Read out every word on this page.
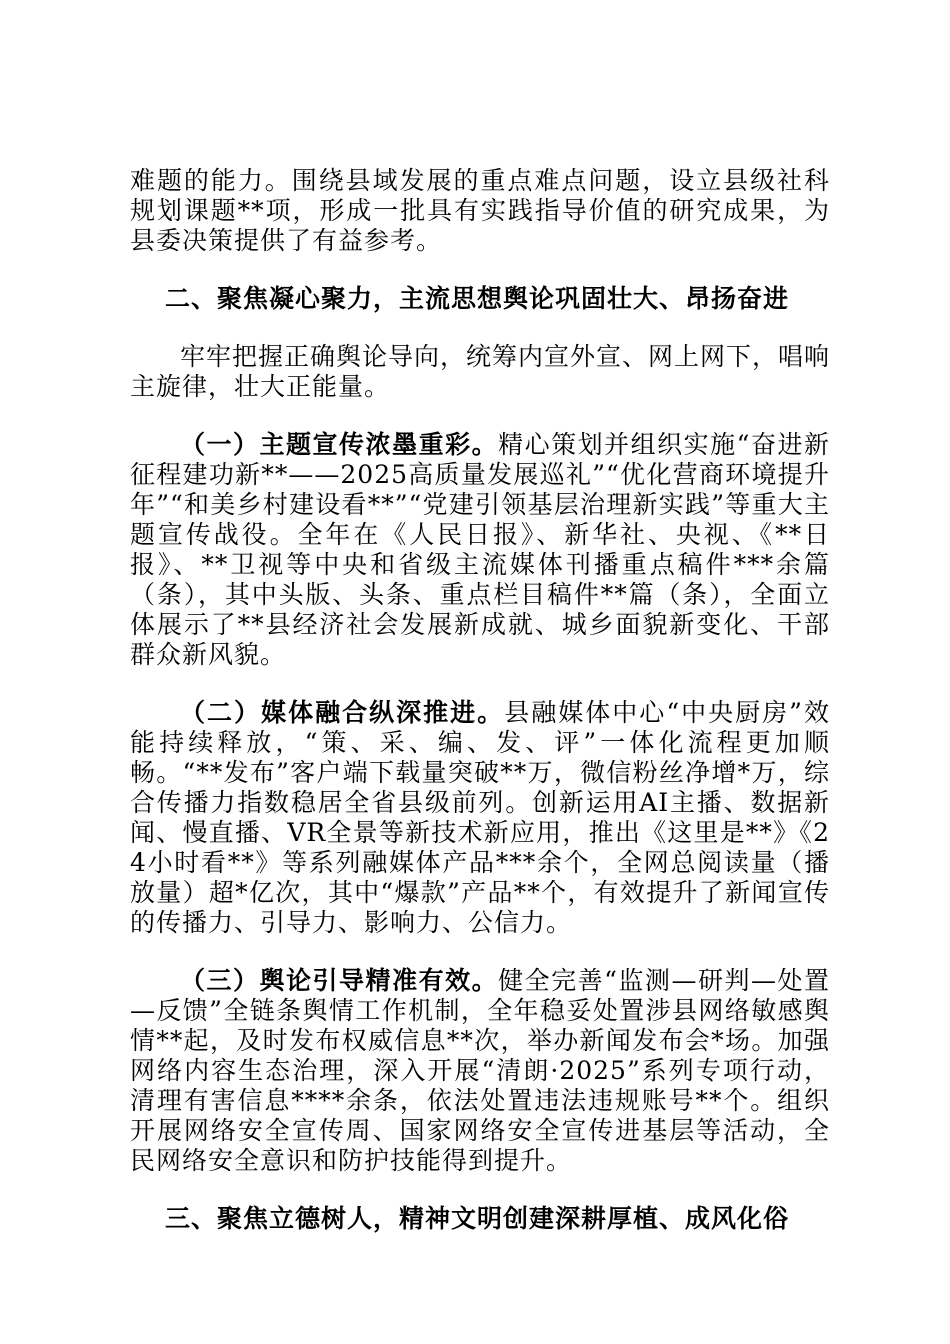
难题的能力。围绕县域发展的重点难点问题，设立县级社科规划课题**项，形成一批具有实践指导价值的研究成果，为县委决策提供了有益参考。

二、聚焦凝心聚力，主流思想舆论巩固壮大、昂扬奋进

牢牢把握正确舆论导向，统筹内宣外宣、网上网下，唱响主旋律，壮大正能量。

（一）主题宣传浓墨重彩。精心策划并组织实施“奋进新征程建功新**——2025高质量发展巡礼”“优化营商环境提升年”“和美乡村建设看**”“党建引领基层治理新实践”等重大主题宣传战役。全年在《人民日报》、新华社、央视、《**日报》、**卫视等中央和省级主流媒体刊播重点稿件***余篇（条），其中头版、头条、重点栏目稿件**篇（条），全面立体展示了**县经济社会发展新成就、城乡面貌新变化、干部群众新风貌。

（二）媒体融合纵深推进。县融媒体中心“中央厨房”效能持续释放，“策、采、编、发、评”一体化流程更加顺畅。“**发布”客户端下载量突破**万，微信粉丝净增*万，综合传播力指数稳居全省县级前列。创新运用AI主播、数据新闻、慢直播、VR全景等新技术新应用，推出《这里是**》《24小时看**》等系列融媒体产品***余个，全网总阅读量（播放量）超*亿次，其中“爆款”产品**个，有效提升了新闻宣传的传播力、引导力、影响力、公信力。

（三）舆论引导精准有效。健全完善“监测—研判—处置—反馈”全链条舆情工作机制，全年稳妥处置涉县网络敏感舆情**起，及时发布权威信息**次，举办新闻发布会*场。加强网络内容生态治理，深入开展“清朗·2025”系列专项行动，清理有害信息****余条，依法处置违法违规账号**个。组织开展网络安全宣传周、国家网络安全宣传进基层等活动，全民网络安全意识和防护技能得到提升。

三、聚焦立德树人，精神文明创建深耕厚植、成风化俗
